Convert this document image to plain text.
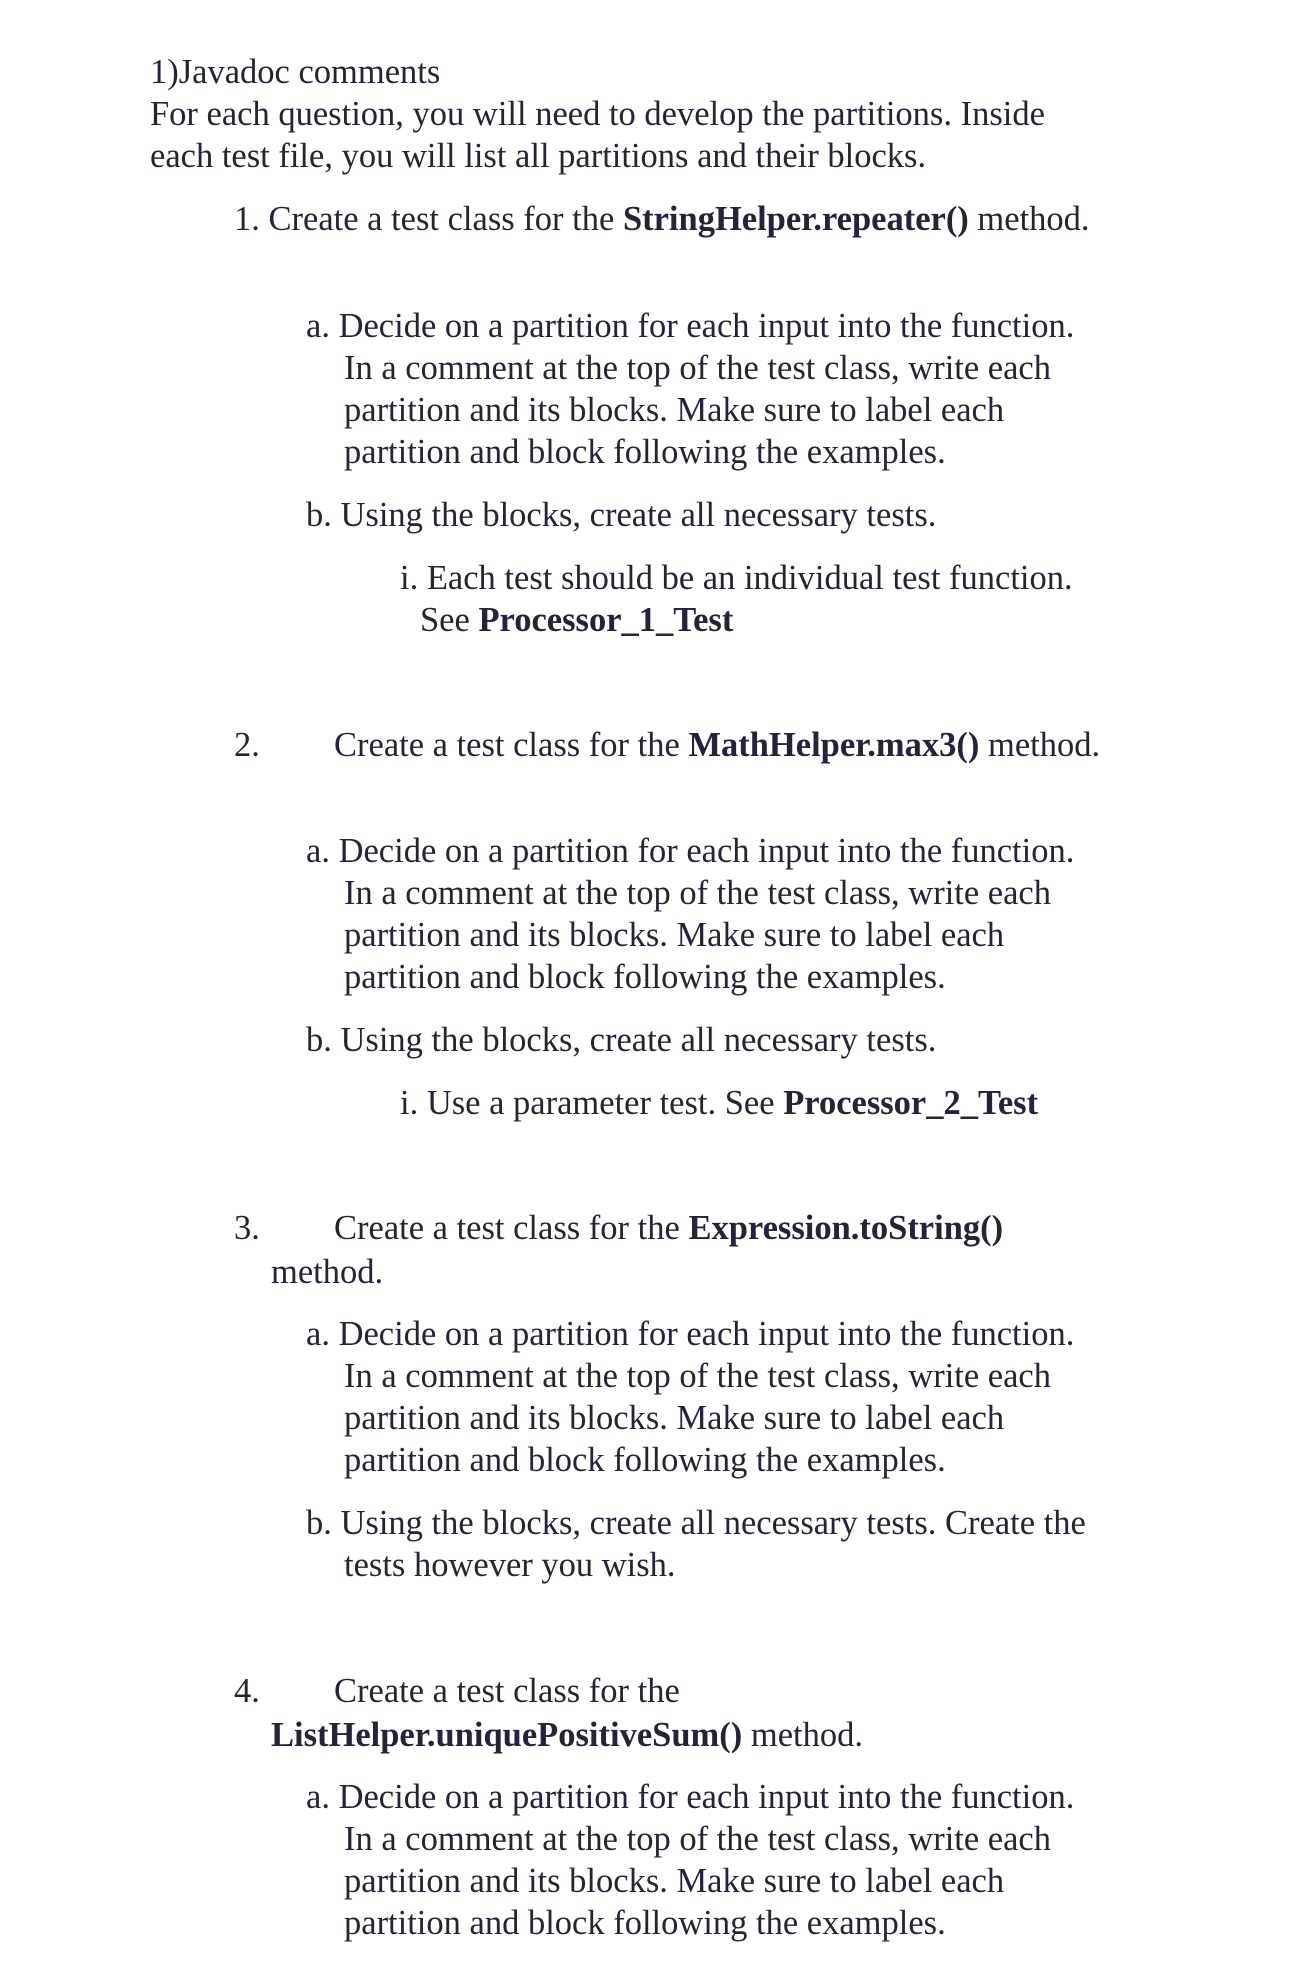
1)Javadoc comments
For each question, you will need to develop the partitions. Inside
each test file, you will list all partitions and their blocks.
1. Create a test class for the StringHelper.repeater() method.
a. Decide on a partition for each input into the function.
In a comment at the top of the test class, write each
partition and its blocks. Make sure to label each
partition and block following the examples.
b. Using the blocks, create all necessary tests.
i. Each test should be an individual test function.
See Processor_1_Test
2. Create a test class for the MathHelper.max3() method.
a. Decide on a partition for each input into the function.
In a comment at the top of the test class, write each
partition and its blocks. Make sure to label each
partition and block following the examples.
b. Using the blocks, create all necessary tests.
i. Use a parameter test. See Processor_2_Test
3. Create a test class for the Expression.toString()
method.
a. Decide on a partition for each input into the function.
In a comment at the top of the test class, write each
partition and its blocks. Make sure to label each
partition and block following the examples.
b. Using the blocks, create all necessary tests. Create the
tests however you wish.
4. Create a test class for the
ListHelper.uniquePositiveSum() method.
a. Decide on a partition for each input into the function.
In a comment at the top of the test class, write each
partition and its blocks. Make sure to label each
partition and block following the examples.
